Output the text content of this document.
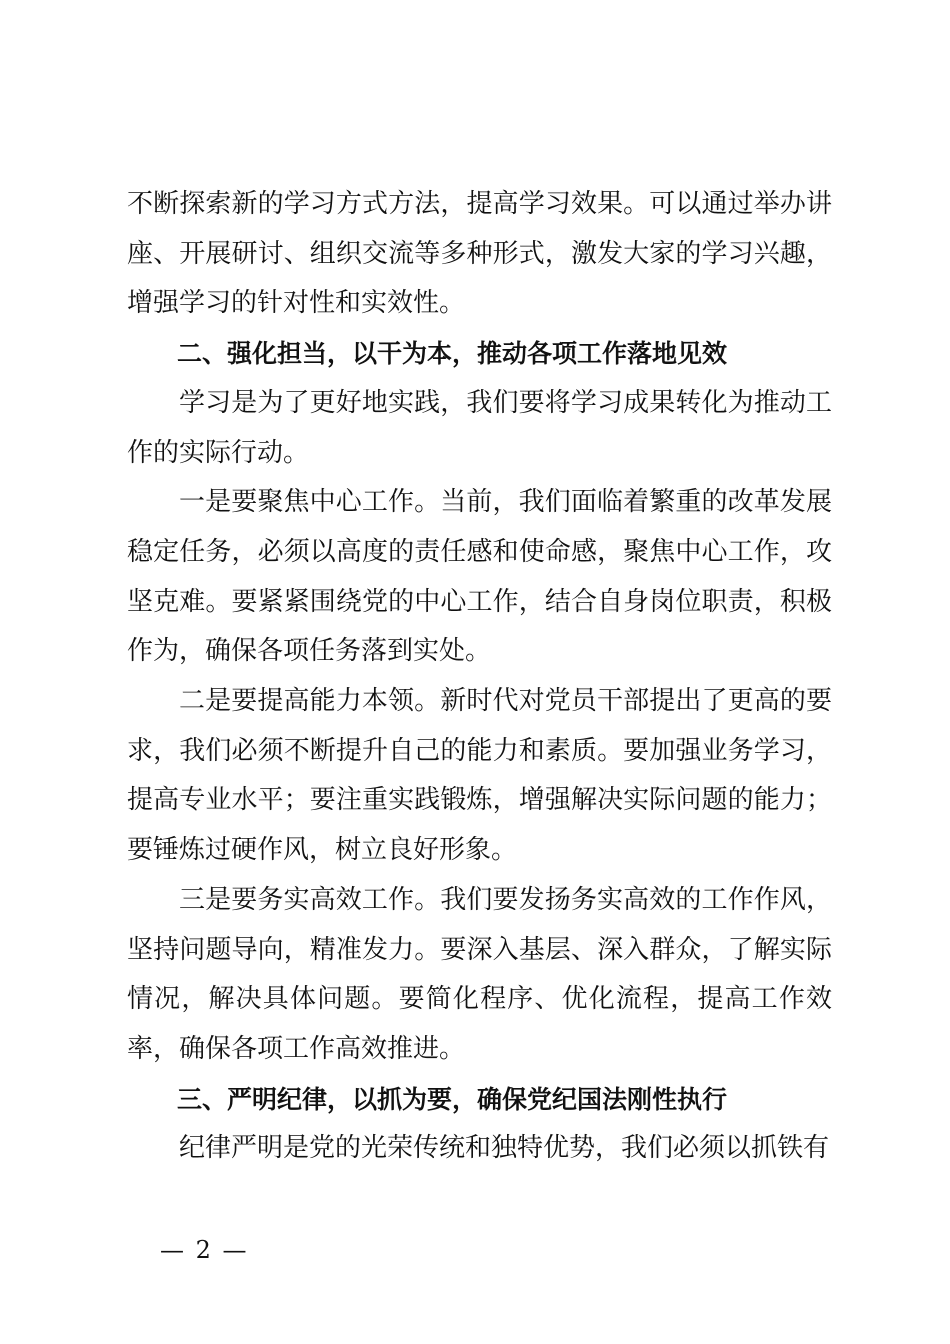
不断探索新的学习方式方法，提高学习效果。可以通过举办讲座、开展研讨、组织交流等多种形式，激发大家的学习兴趣，增强学习的针对性和实效性。

二、强化担当，以干为本，推动各项工作落地见效

学习是为了更好地实践，我们要将学习成果转化为推动工作的实际行动。

一是要聚焦中心工作。当前，我们面临着繁重的改革发展稳定任务，必须以高度的责任感和使命感，聚焦中心工作，攻坚克难。要紧紧围绕党的中心工作，结合自身岗位职责，积极作为，确保各项任务落到实处。

二是要提高能力本领。新时代对党员干部提出了更高的要求，我们必须不断提升自己的能力和素质。要加强业务学习，提高专业水平；要注重实践锻炼，增强解决实际问题的能力；要锤炼过硬作风，树立良好形象。

三是要务实高效工作。我们要发扬务实高效的工作作风，坚持问题导向，精准发力。要深入基层、深入群众，了解实际情况，解决具体问题。要简化程序、优化流程，提高工作效率，确保各项工作高效推进。

三、严明纪律，以抓为要，确保党纪国法刚性执行

纪律严明是党的光荣传统和独特优势，我们必须以抓铁有

— 2 —
